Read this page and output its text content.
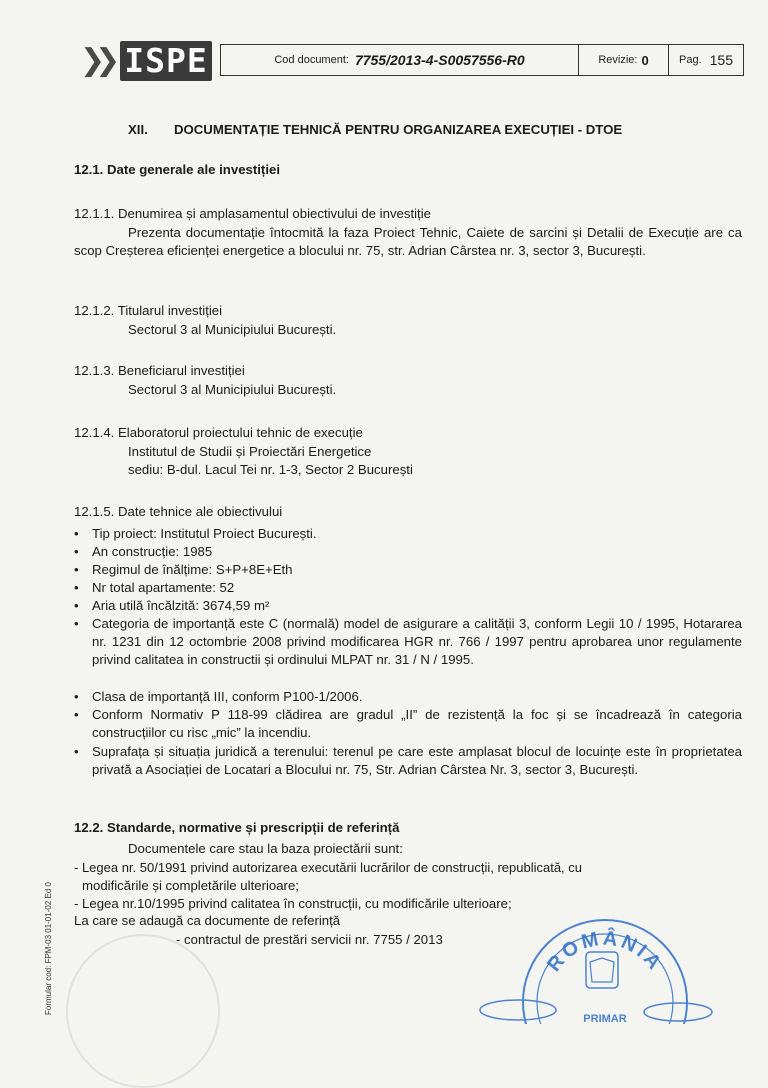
❯❯ ISPE	Cod document: 7755/2013-4-S0057556-R0	Revizie: 0	Pag. 155
XII. DOCUMENTAȚIE TEHNICĂ PENTRU ORGANIZAREA EXECUȚIEI - DTOE
12.1. Date generale ale investiției
12.1.1. Denumirea și amplasamentul obiectivului de investiție
Prezenta documentație întocmită la faza Proiect Tehnic, Caiete de sarcini și Detalii de Execuție are ca scop Creșterea eficienței energetice a blocului nr. 75, str. Adrian Cârstea nr. 3, sector 3, București.
12.1.2. Titularul investiției
Sectorul 3 al Municipiului București.
12.1.3. Beneficiarul investiției
Sectorul 3 al Municipiului București.
12.1.4. Elaboratorul proiectului tehnic de execuție
Institutul de Studii și Proiectări Energetice
sediu: B-dul. Lacul Tei nr. 1-3, Sector 2 București
12.1.5. Date tehnice ale obiectivului
• Tip proiect: Institutul Proiect București.
• An construcție: 1985
• Regimul de înălțime: S+P+8E+Eth
• Nr total apartamente: 52
• Aria utilă încălzită: 3674,59 m²
• Categoria de importanță este C (normală) model de asigurare a calității 3, conform Legii 10 / 1995, Hotararea nr. 1231 din 12 octombrie 2008 privind modificarea HGR nr. 766 / 1997 pentru aprobarea unor regulamente privind calitatea in constructii și ordinului MLPAT nr. 31 / N / 1995.
• Clasa de importanță III, conform P100-1/2006.
• Conform Normativ P 118-99 clădirea are gradul „II” de rezistență la foc și se încadrează în categoria construcțiilor cu risc „mic” la incendiu.
• Suprafața și situația juridică a terenului: terenul pe care este amplasat blocul de locuințe este în proprietatea privată a Asociației de Locatari a Blocului nr. 75, Str. Adrian Cârstea Nr. 3, sector 3, București.
12.2. Standarde, normative și prescripții de referință
Documentele care stau la baza proiectării sunt:
- Legea nr. 50/1991 privind autorizarea executării lucrărilor de construcții, republicată, cu
modificările și completările ulterioare;
- Legea nr.10/1995 privind calitatea în construcții, cu modificările ulterioare;
La care se adaugă ca documente de referință
- contractul de prestări servicii nr. 7755 / 2013
Formular cod: FPM-03 01-01-02 Ed 0	ROMÂNIA
PRIMAR
